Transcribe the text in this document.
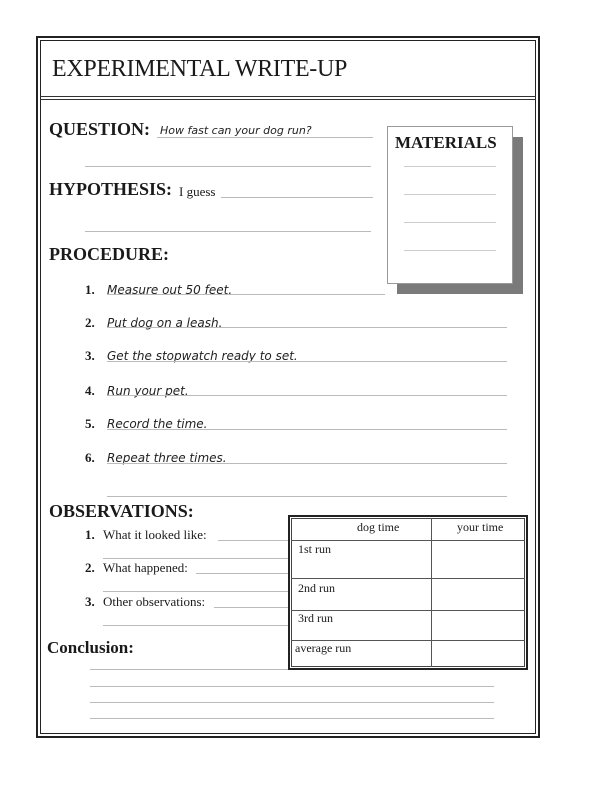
EXPERIMENTAL WRITE-UP
QUESTION: How fast can your dog run?
HYPOTHESIS: I guess
MATERIALS
PROCEDURE:
1. Measure out 50 feet.
2. Put dog on a leash.
3. Get the stopwatch ready to set.
4. Run your pet.
5. Record the time.
6. Repeat three times.
OBSERVATIONS:
1. What it looked like:
2. What happened:
3. Other observations:
dog time	your time
1st run
2nd run
3rd run
average run
Conclusion:
